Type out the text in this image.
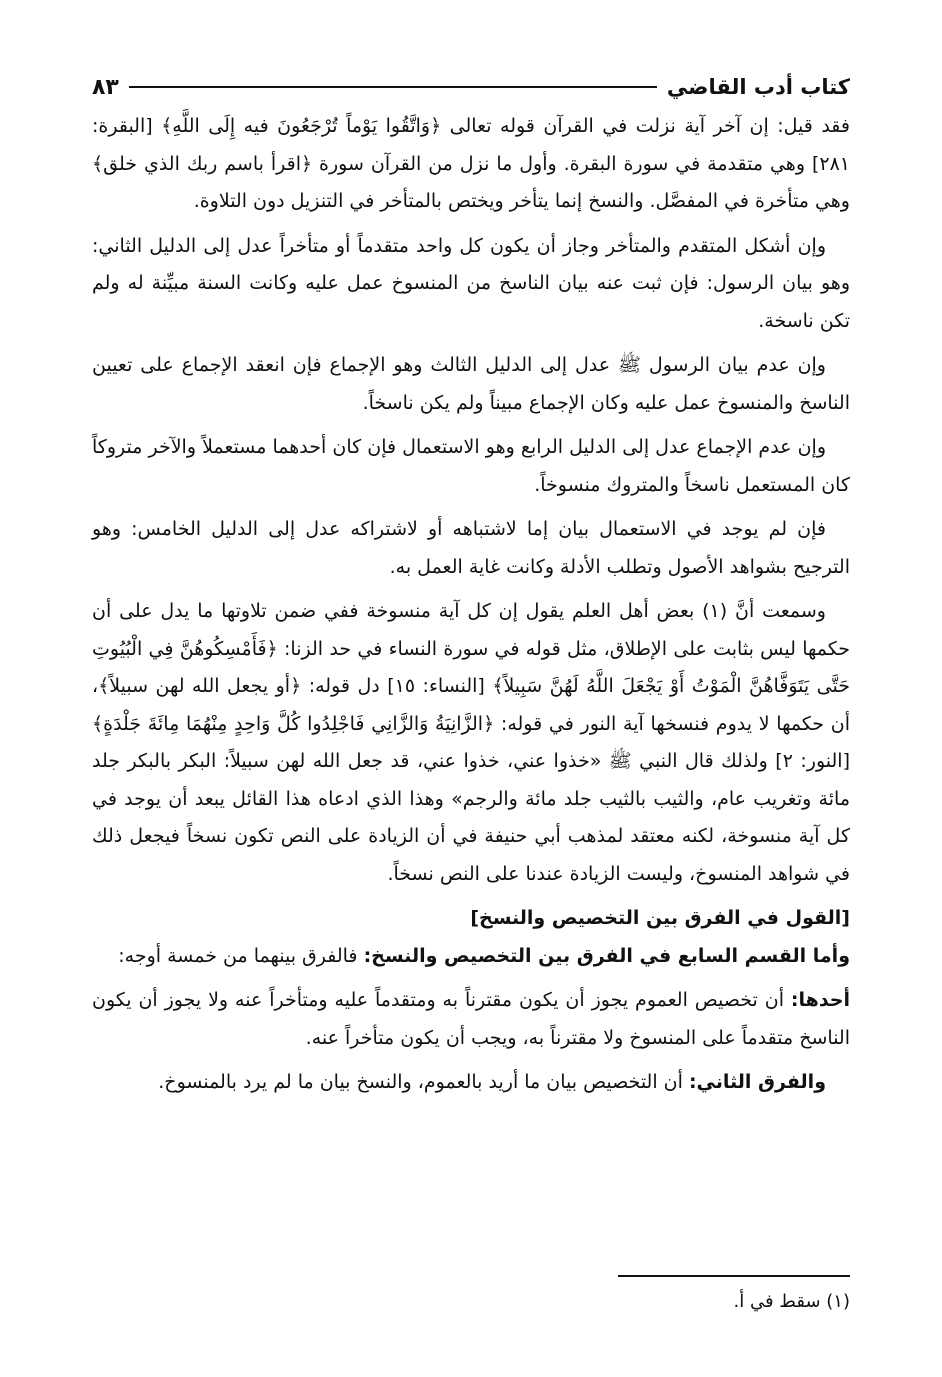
كتاب أدب القاضي
٨٣

فقد قيل: إن آخر آية نزلت في القرآن قوله تعالى ﴿وَاتَّقُوا يَوْماً تُرْجَعُونَ فيه إِلَى اللَّهِ﴾ [البقرة: ٢٨١] وهي متقدمة في سورة البقرة. وأول ما نزل من القرآن سورة ﴿اقرأ باسم ربك الذي خلق﴾ وهي متأخرة في المفصَّل. والنسخ إنما يتأخر ويختص بالمتأخر في التنزيل دون التلاوة.

وإن أشكل المتقدم والمتأخر وجاز أن يكون كل واحد متقدماً أو متأخراً عدل إلى الدليل الثاني: وهو بيان الرسول: فإن ثبت عنه بيان الناسخ من المنسوخ عمل عليه وكانت السنة مبيِّنة له ولم تكن ناسخة.

وإن عدم بيان الرسول ﷺ عدل إلى الدليل الثالث وهو الإجماع فإن انعقد الإجماع على تعيين الناسخ والمنسوخ عمل عليه وكان الإجماع مبيناً ولم يكن ناسخاً.

وإن عدم الإجماع عدل إلى الدليل الرابع وهو الاستعمال فإن كان أحدهما مستعملاً والآخر متروكاً كان المستعمل ناسخاً والمتروك منسوخاً.

فإن لم يوجد في الاستعمال بيان إما لاشتباهه أو لاشتراكه عدل إلى الدليل الخامس: وهو الترجيح بشواهد الأصول وتطلب الأدلة وكانت غاية العمل به.

وسمعت أنَّ (١) بعض أهل العلم يقول إن كل آية منسوخة ففي ضمن تلاوتها ما يدل على أن حكمها ليس بثابت على الإطلاق، مثل قوله في سورة النساء في حد الزنا: ﴿فَأَمْسِكُوهُنَّ فِي الْبُيُوتِ حَتَّى يَتَوَفَّاهُنَّ الْمَوْتُ أَوْ يَجْعَلَ اللَّهُ لَهُنَّ سَبِيلاً﴾ [النساء: ١٥] دل قوله: ﴿أو يجعل الله لهن سبيلاً﴾، أن حكمها لا يدوم فنسخها آية النور في قوله: ﴿الزَّانِيَةُ وَالزَّانِي فَاجْلِدُوا كُلَّ وَاحِدٍ مِنْهُمَا مِائَةَ جَلْدَةٍ﴾ [النور: ٢] ولذلك قال النبي ﷺ «خذوا عني، خذوا عني، قد جعل الله لهن سبيلاً: البكر بالبكر جلد مائة وتغريب عام، والثيب بالثيب جلد مائة والرجم» وهذا الذي ادعاه هذا القائل يبعد أن يوجد في كل آية منسوخة، لكنه معتقد لمذهب أبي حنيفة في أن الزيادة على النص تكون نسخاً فيجعل ذلك في شواهد المنسوخ، وليست الزيادة عندنا على النص نسخاً.

[القول في الفرق بين التخصيص والنسخ]

وأما القسم السابع في الفرق بين التخصيص والنسخ: فالفرق بينهما من خمسة أوجه:

أحدها: أن تخصيص العموم يجوز أن يكون مقترناً به ومتقدماً عليه ومتأخراً عنه ولا يجوز أن يكون الناسخ متقدماً على المنسوخ ولا مقترناً به، ويجب أن يكون متأخراً عنه.

والفرق الثاني: أن التخصيص بيان ما أريد بالعموم، والنسخ بيان ما لم يرد بالمنسوخ.

(١) سقط في أ.
